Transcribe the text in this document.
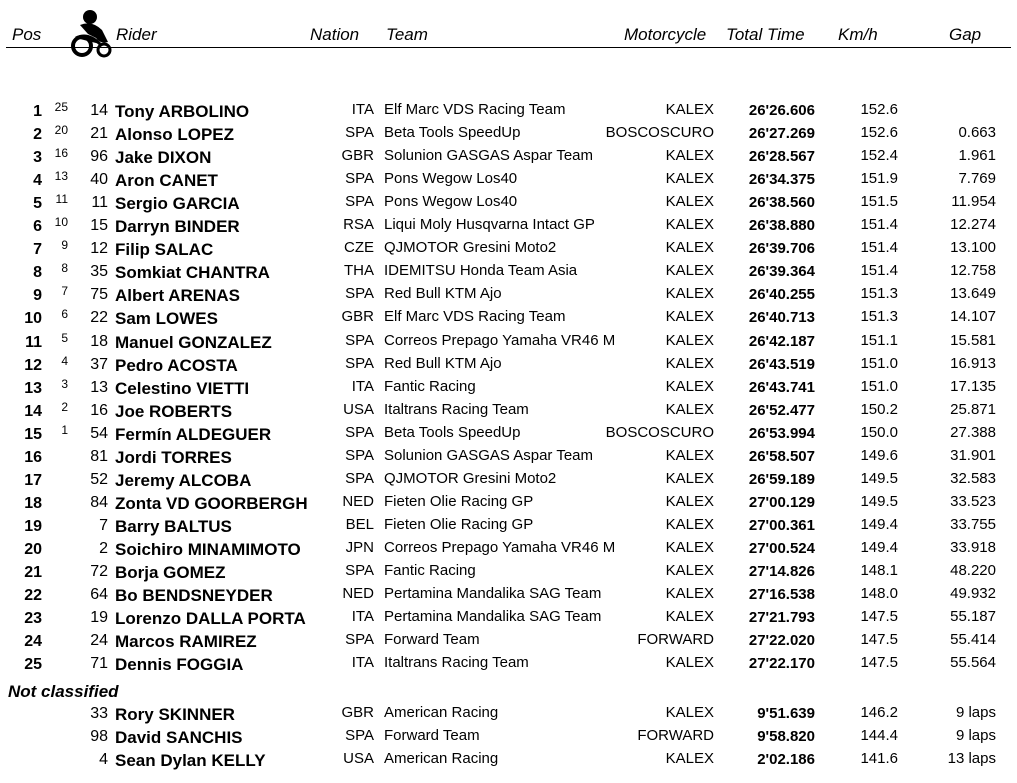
Pos	Rider	Nation Team	Motorcycle Total Time Km/h	Gap
1	25	14 Tony ARBOLINO	ITA Elf Marc VDS Racing Team	KALEX	26'26.606	152.6
2	20	21 Alonso LOPEZ	SPA Beta Tools SpeedUp	BOSCOSCURO	26'27.269	152.6	0.663
3	16	96 Jake DIXON	GBR Solunion GASGAS Aspar Team	KALEX	26'28.567	152.4	1.961
4	13	40 Aron CANET	SPA Pons Wegow Los40	KALEX	26'34.375	151.9	7.769
5	11	11 Sergio GARCIA	SPA Pons Wegow Los40	KALEX	26'38.560	151.5	11.954
6	10	15 Darryn BINDER	RSA Liqui Moly Husqvarna Intact GP	KALEX	26'38.880	151.4	12.274
7	9	12 Filip SALAC	CZE QJMOTOR Gresini Moto2	KALEX	26'39.706	151.4	13.100
8	8	35 Somkiat CHANTRA	THA IDEMITSU Honda Team Asia	KALEX	26'39.364	151.4	12.758
9	7	75 Albert ARENAS	SPA Red Bull KTM Ajo	KALEX	26'40.255	151.3	13.649
10	6	22 Sam LOWES	GBR Elf Marc VDS Racing Team	KALEX	26'40.713	151.3	14.107
11	5	18 Manuel GONZALEZ	SPA Correos Prepago Yamaha VR46 M	KALEX	26'42.187	151.1	15.581
12	4	37 Pedro ACOSTA	SPA Red Bull KTM Ajo	KALEX	26'43.519	151.0	16.913
13	3	13 Celestino VIETTI	ITA Fantic Racing	KALEX	26'43.741	151.0	17.135
14	2	16 Joe ROBERTS	USA Italtrans Racing Team	KALEX	26'52.477	150.2	25.871
15	1	54 Fermín ALDEGUER	SPA Beta Tools SpeedUp	BOSCOSCURO	26'53.994	150.0	27.388
16	81 Jordi TORRES	SPA Solunion GASGAS Aspar Team	KALEX	26'58.507	149.6	31.901
17	52 Jeremy ALCOBA	SPA QJMOTOR Gresini Moto2	KALEX	26'59.189	149.5	32.583
18	84 Zonta VD GOORBERGH	NED Fieten Olie Racing GP	KALEX	27'00.129	149.5	33.523
19	7 Barry BALTUS	BEL Fieten Olie Racing GP	KALEX	27'00.361	149.4	33.755
20	2 Soichiro MINAMIMOTO	JPN Correos Prepago Yamaha VR46 M	KALEX	27'00.524	149.4	33.918
21	72 Borja GOMEZ	SPA Fantic Racing	KALEX	27'14.826	148.1	48.220
22	64 Bo BENDSNEYDER	NED Pertamina Mandalika SAG Team	KALEX	27'16.538	148.0	49.932
23	19 Lorenzo DALLA PORTA	ITA Pertamina Mandalika SAG Team	KALEX	27'21.793	147.5	55.187
24	24 Marcos RAMIREZ	SPA Forward Team	FORWARD	27'22.020	147.5	55.414
25	71 Dennis FOGGIA	ITA Italtrans Racing Team	KALEX	27'22.170	147.5	55.564
Not classified
33 Rory SKINNER	GBR American Racing	KALEX	9'51.639	146.2	9 laps
98 David SANCHIS	SPA Forward Team	FORWARD	9'58.820	144.4	9 laps
4 Sean Dylan KELLY	USA American Racing	KALEX	2'02.186	141.6	13 laps
